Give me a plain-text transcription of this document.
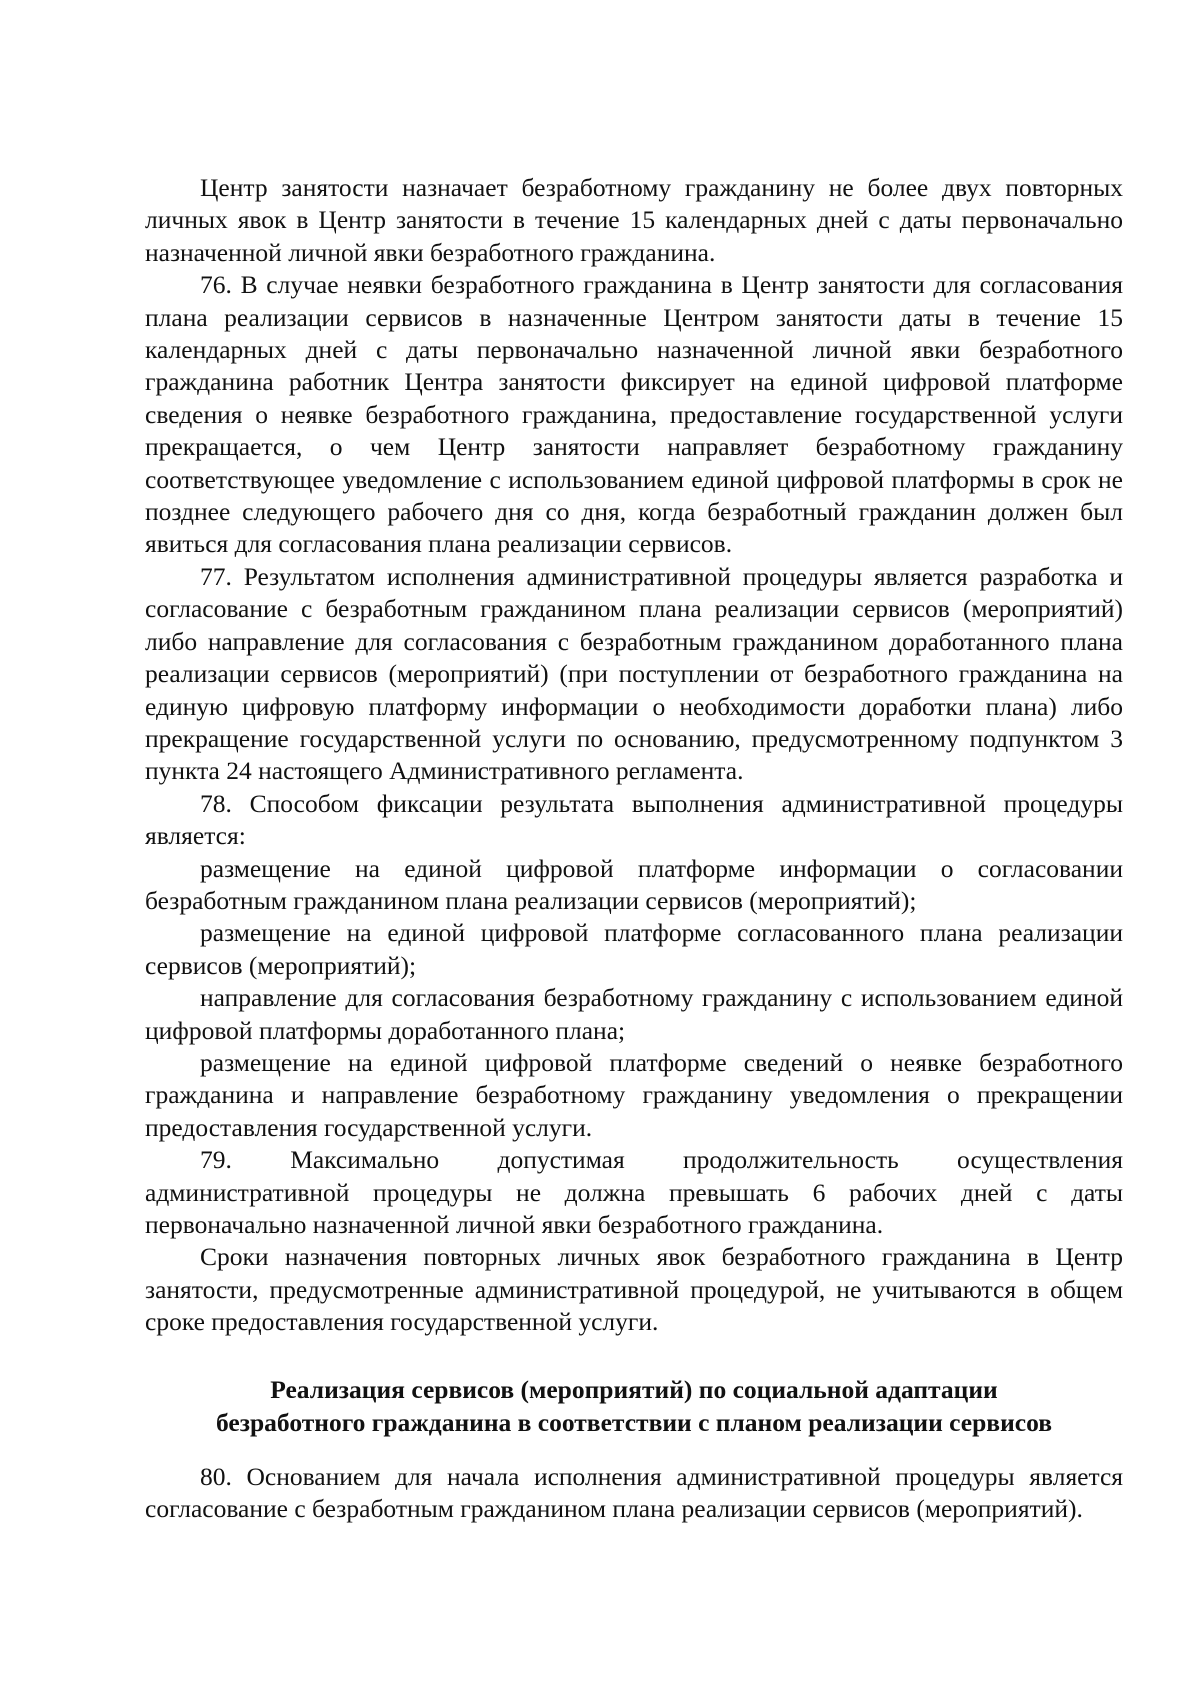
Центр занятости назначает безработному гражданину не более двух повторных личных явок в Центр занятости в течение 15 календарных дней с даты первоначально назначенной личной явки безработного гражданина.

76. В случае неявки безработного гражданина в Центр занятости для согласования плана реализации сервисов в назначенные Центром занятости даты в течение 15 календарных дней с даты первоначально назначенной личной явки безработного гражданина работник Центра занятости фиксирует на единой цифровой платформе сведения о неявке безработного гражданина, предоставление государственной услуги прекращается, о чем Центр занятости направляет безработному гражданину соответствующее уведомление с использованием единой цифровой платформы в срок не позднее следующего рабочего дня со дня, когда безработный гражданин должен был явиться для согласования плана реализации сервисов.

77. Результатом исполнения административной процедуры является разработка и согласование с безработным гражданином плана реализации сервисов (мероприятий) либо направление для согласования с безработным гражданином доработанного плана реализации сервисов (мероприятий) (при поступлении от безработного гражданина на единую цифровую платформу информации о необходимости доработки плана) либо прекращение государственной услуги по основанию, предусмотренному подпунктом 3 пункта 24 настоящего Административного регламента.

78. Способом фиксации результата выполнения административной процедуры является:

размещение на единой цифровой платформе информации о согласовании безработным гражданином плана реализации сервисов (мероприятий);

размещение на единой цифровой платформе согласованного плана реализации сервисов (мероприятий);

направление для согласования безработному гражданину с использованием единой цифровой платформы доработанного плана;

размещение на единой цифровой платформе сведений о неявке безработного гражданина и направление безработному гражданину уведомления о прекращении предоставления государственной услуги.

79. Максимально допустимая продолжительность осуществления административной процедуры не должна превышать 6 рабочих дней с даты первоначально назначенной личной явки безработного гражданина.

Сроки назначения повторных личных явок безработного гражданина в Центр занятости, предусмотренные административной процедурой, не учитываются в общем сроке предоставления государственной услуги.

Реализация сервисов (мероприятий) по социальной адаптации
безработного гражданина в соответствии с планом реализации сервисов

80. Основанием для начала исполнения административной процедуры является согласование с безработным гражданином плана реализации сервисов (мероприятий).
